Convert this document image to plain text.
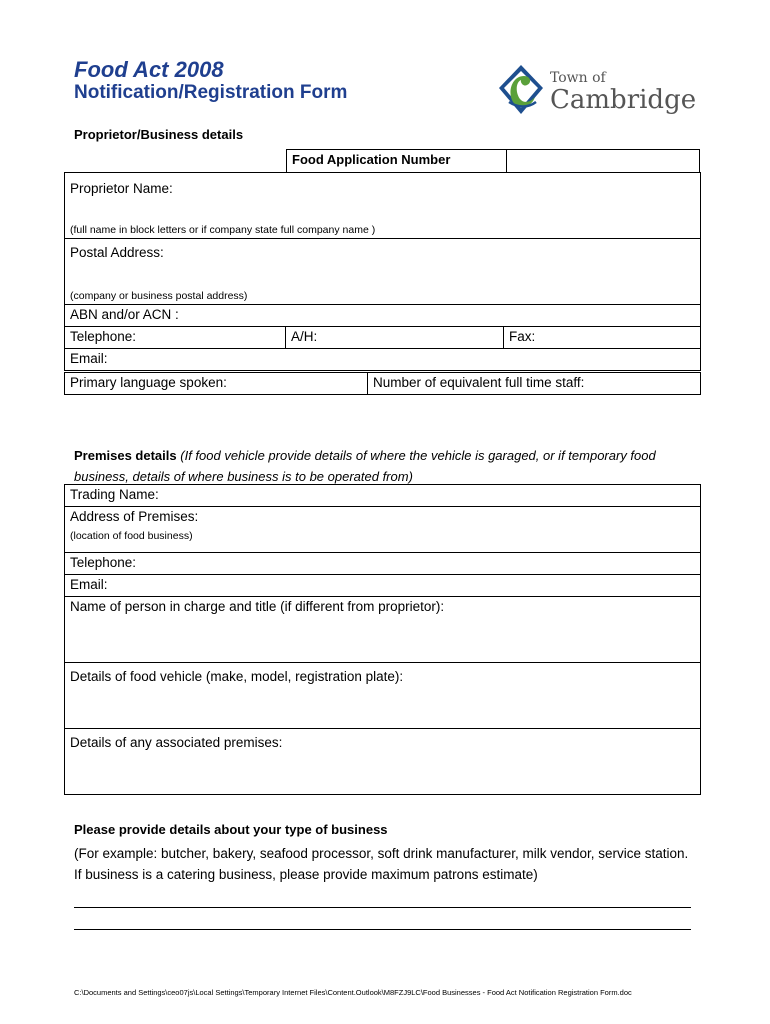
Food Act 2008
Notification/Registration Form
Town of
Cambridge
Proprietor/Business details
Food Application Number	
Proprietor Name:
(full name in block letters or if company state full company name )

Postal Address:
(company or business postal address)

ABN and/or ACN :
Telephone:	A/H:	Fax:
Email:
Primary language spoken:	Number of equivalent full time staff:
Premises details (If food vehicle provide details of where the vehicle is garaged, or if temporary food business, details of where business is to be operated from)
Trading Name:

Address of Premises:
(location of food business)

Telephone:
Email:
Name of person in charge and title (if different from proprietor):
Details of food vehicle (make, model, registration plate):
Details of any associated premises:
Please provide details about your type of business
(For example: butcher, bakery, seafood processor, soft drink manufacturer, milk vendor, service station. If business is a catering business, please provide maximum patrons estimate)
C:\Documents and Settings\ceo07js\Local Settings\Temporary Internet Files\Content.Outlook\M8FZJ9LC\Food Businesses - Food Act Notification Registration Form.doc
